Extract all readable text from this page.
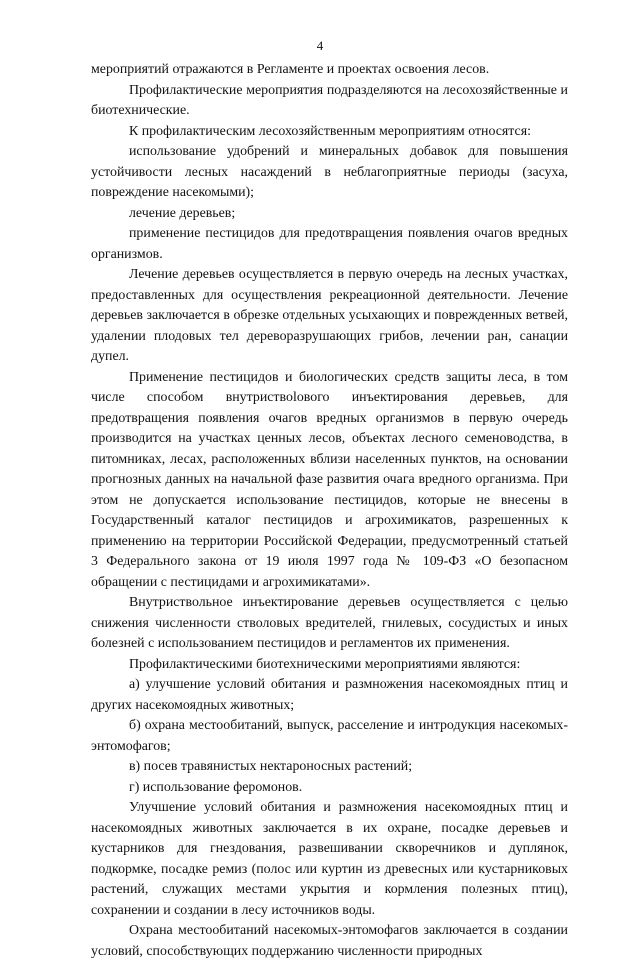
4

мероприятий отражаются в Регламенте и проектах освоения лесов.

Профилактические мероприятия подразделяются на лесохозяйственные и биотехнические.

К профилактическим лесохозяйственным мероприятиям относятся:

использование удобрений и минеральных добавок для повышения устойчивости лесных насаждений в неблагоприятные периоды (засуха, повреждение насекомыми);

лечение деревьев;

применение пестицидов для предотвращения появления очагов вредных организмов.

Лечение деревьев осуществляется в первую очередь на лесных участках, предоставленных для осуществления рекреационной деятельности. Лечение деревьев заключается в обрезке отдельных усыхающих и поврежденных ветвей, удалении плодовых тел дереворазрушающих грибов, лечении ран, санации дупел.

Применение пестицидов и биологических средств защиты леса, в том числе способом внутриствolового инъектирования деревьев, для предотвращения появления очагов вредных организмов в первую очередь производится на участках ценных лесов, объектах лесного семеноводства, в питомниках, лесах, расположенных вблизи населенных пунктов, на основании прогнозных данных на начальной фазе развития очага вредного организма. При этом не допускается использование пестицидов, которые не внесены в Государственный каталог пестицидов и агрохимикатов, разрешенных к применению на территории Российской Федерации, предусмотренный статьей 3 Федерального закона от 19 июля 1997 года № 109-ФЗ «О безопасном обращении с пестицидами и агрохимикатами».

Внутриствольное инъектирование деревьев осуществляется с целью снижения численности стволовых вредителей, гнилевых, сосудистых и иных болезней с использованием пестицидов и регламентов их применения.

Профилактическими биотехническими мероприятиями являются:

а) улучшение условий обитания и размножения насекомоядных птиц и других насекомоядных животных;

б) охрана местообитаний, выпуск, расселение и интродукция насекомых-энтомофагов;

в) посев травянистых нектароносных растений;

г) использование феромонов.

Улучшение условий обитания и размножения насекомоядных птиц и насекомоядных животных заключается в их охране, посадке деревьев и кустарников для гнездования, развешивании скворечников и дуплянок, подкормке, посадке ремиз (полос или куртин из древесных или кустарниковых растений, служащих местами укрытия и кормления полезных птиц), сохранении и создании в лесу источников воды.

Охрана местообитаний насекомых-энтомофагов заключается в создании условий, способствующих поддержанию численности природных
